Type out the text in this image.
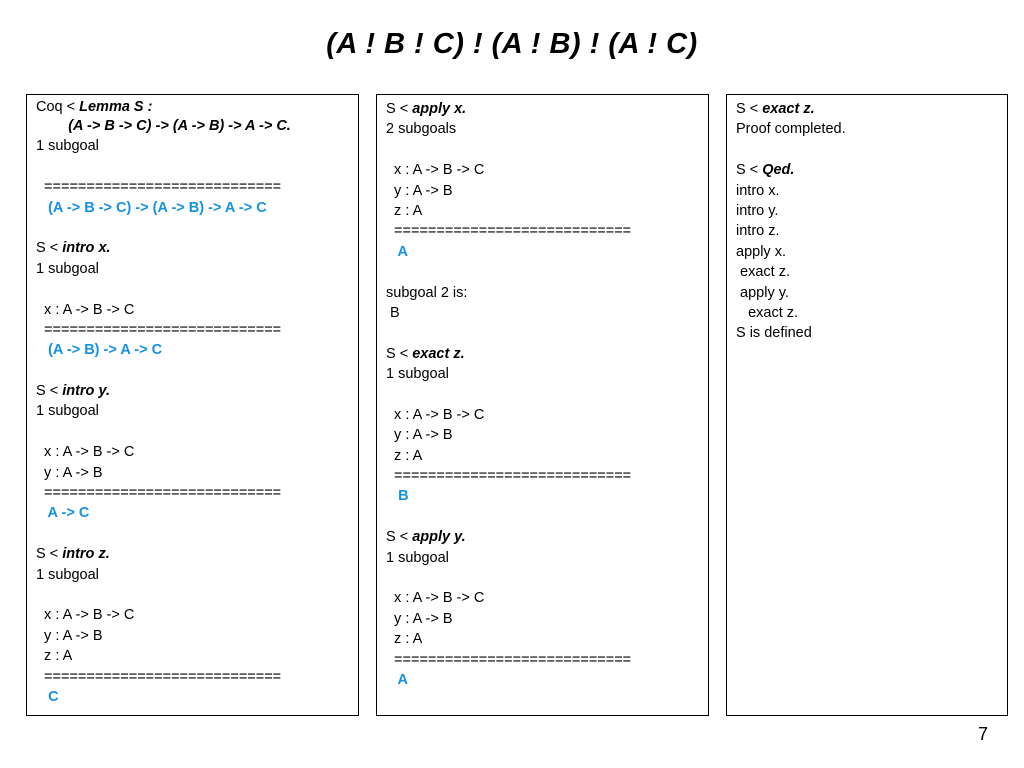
(A ! B ! C) ! (A ! B) ! (A ! C)
Coq < Lemma S :
(A -> B -> C) -> (A -> B) -> A -> C.
1 subgoal
============================
(A -> B -> C) -> (A -> B) -> A -> C
S < intro x.
1 subgoal
x : A -> B -> C
============================
(A -> B) -> A -> C
S < intro y.
1 subgoal
x : A -> B -> C
y : A -> B
============================
A -> C
S < intro z.
1 subgoal
x : A -> B -> C
y : A -> B
z : A
============================
C
S < apply x.
2 subgoals
x : A -> B -> C
y : A -> B
z : A
============================
A
subgoal 2 is:
B
S < exact z.
1 subgoal
x : A -> B -> C
y : A -> B
z : A
============================
B
S < apply y.
1 subgoal
x : A -> B -> C
y : A -> B
z : A
============================
A
S < exact z.
Proof completed.
S < Qed.
intro x.
intro y.
intro z.
apply x.
exact z.
apply y.
exact z.
S is defined
7
